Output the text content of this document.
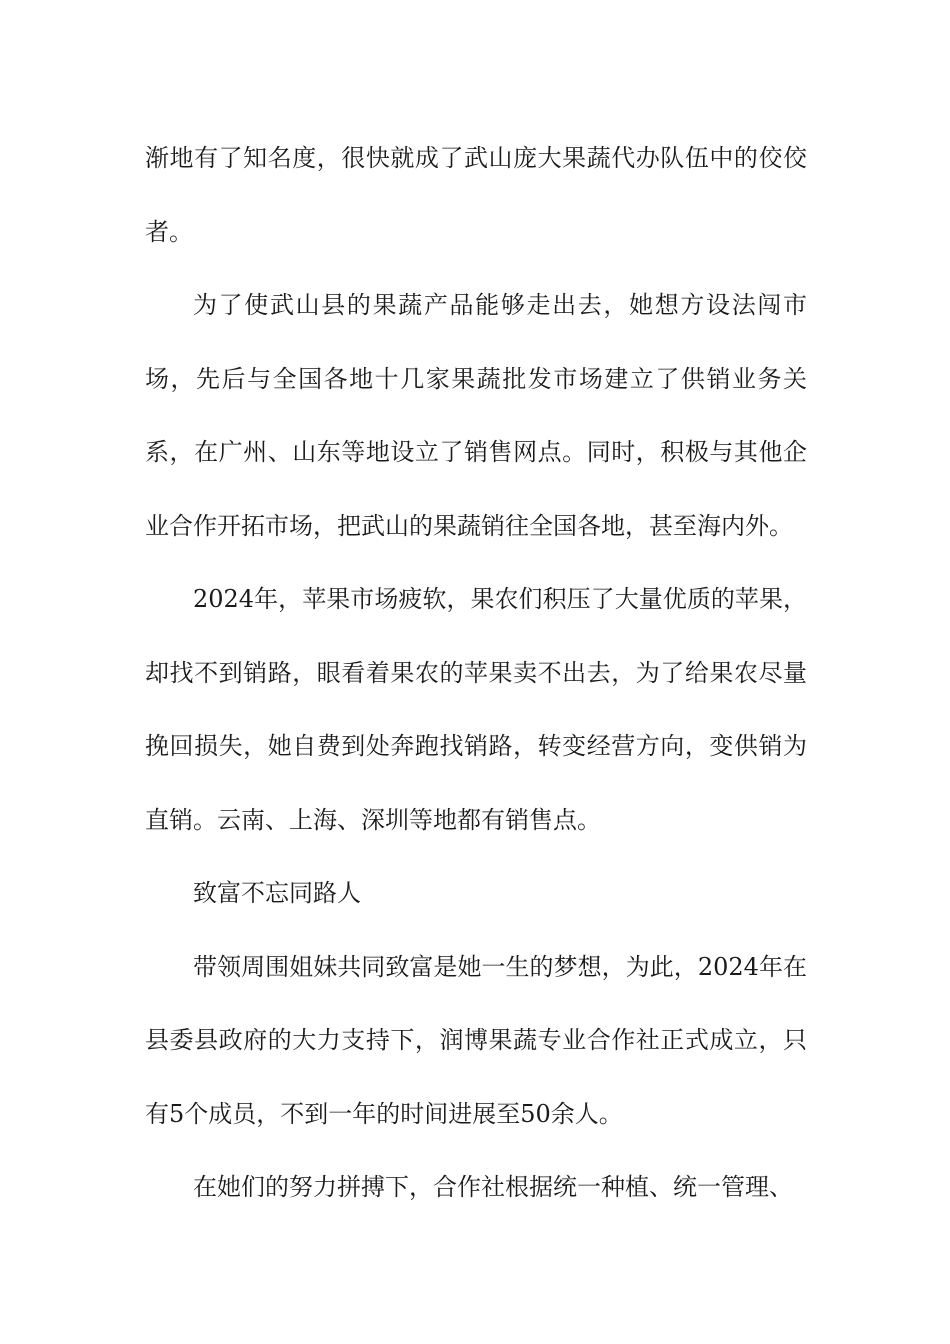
渐地有了知名度，很快就成了武山庞大果蔬代办队伍中的佼佼者。

为了使武山县的果蔬产品能够走出去，她想方设法闯市场，先后与全国各地十几家果蔬批发市场建立了供销业务关系，在广州、山东等地设立了销售网点。同时，积极与其他企业合作开拓市场，把武山的果蔬销往全国各地，甚至海内外。

2024年，苹果市场疲软，果农们积压了大量优质的苹果，却找不到销路，眼看着果农的苹果卖不出去，为了给果农尽量挽回损失，她自费到处奔跑找销路，转变经营方向，变供销为直销。云南、上海、深圳等地都有销售点。

致富不忘同路人

带领周围姐妹共同致富是她一生的梦想，为此，2024年在县委县政府的大力支持下，润博果蔬专业合作社正式成立，只有5个成员，不到一年的时间进展至50余人。

在她们的努力拼搏下，合作社根据统一种植、统一管理、
